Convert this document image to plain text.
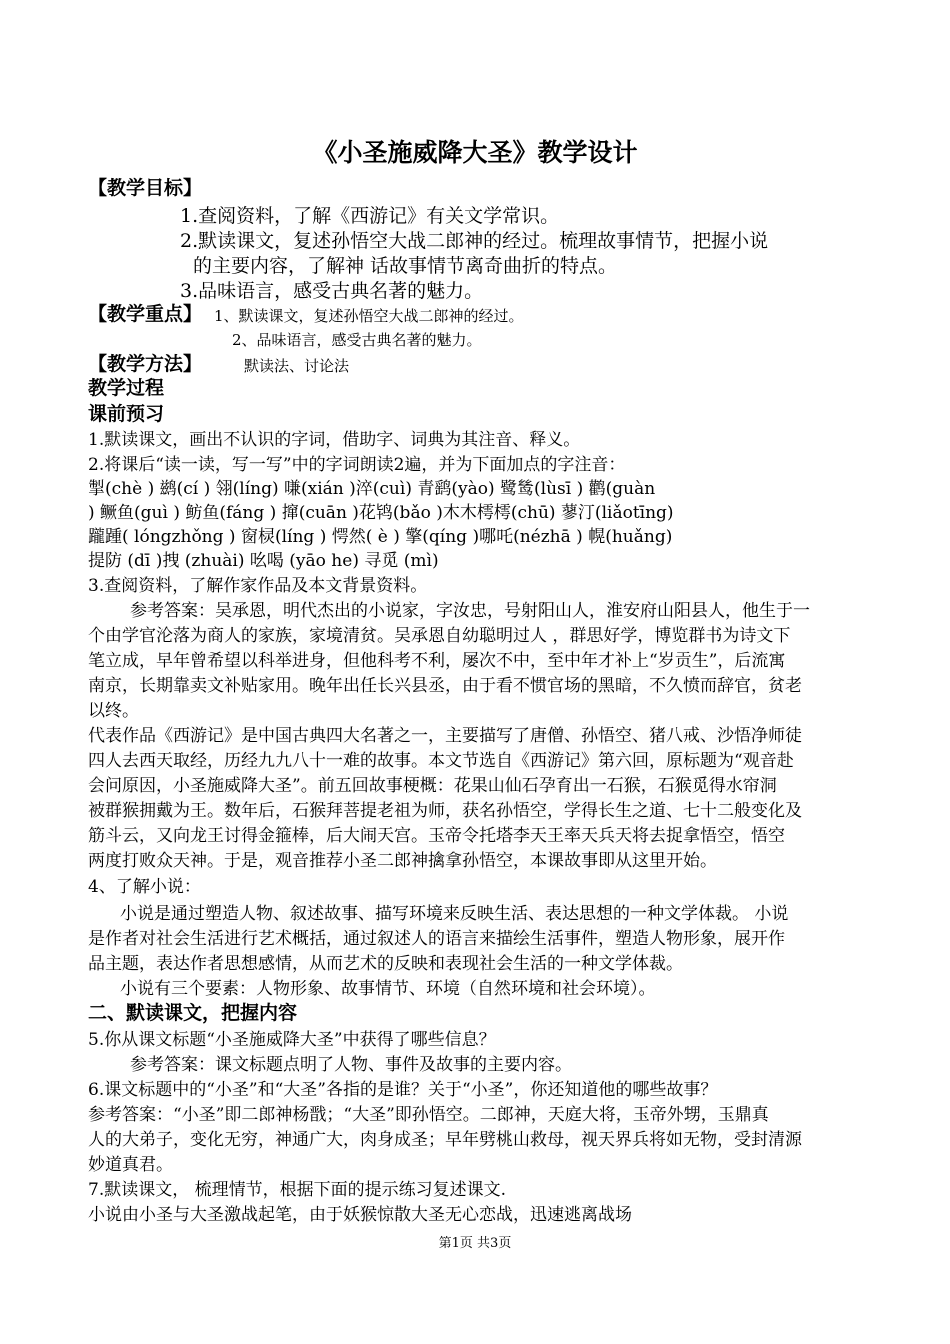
《小圣施威降大圣》教学设计
【教学目标】
1.查阅资料，了解《西游记》有关文学常识。
2.默读课文，复述孙悟空大战二郎神的经过。梳理故事情节，把握小说
的主要内容，了解神 话故事情节离奇曲折的特点。
3.品味语言，感受古典名著的魅力。
【教学重点】 1、默读课文，复述孙悟空大战二郎神的经过。
2、品味语言，感受古典名著的魅力。
【教学方法】	默读法、讨论法
教学过程
课前预习
1.默读课文，画出不认识的字词，借助字、词典为其注音、释义。
2.将课后“读一读，写一写”中的字词朗读2遍，并为下面加点的字注音：
掣(chè ) 鹚(cí ) 翎(líng) 嗛(xián )淬(cuì) 青鹞(yào) 鹭鸶(lùsī ) 鹳(guàn
) 鳜鱼(guì ) 鲂鱼(fáng ) 撺(cuān )花鸨(bǎo )木木樗樗(chū) 蓼汀(liǎotīng)
躘踵( lóngzhǒng ) 窗棂(líng ) 愕然( è ) 擎(qíng )哪吒(nézhā ) 幌(huǎng)
提防 (dī )拽 (zhuài) 吆喝 (yāo he) 寻觅 (mì)
3.查阅资料，了解作家作品及本文背景资料。
参考答案：吴承恩，明代杰出的小说家，字汝忠，号射阳山人，淮安府山阳县人，他生于一
个由学官沦落为商人的家族，家境清贫。吴承恩自幼聪明过人 ，群思好学，博览群书为诗文下
笔立成，早年曾希望以科举进身，但他科考不利，屡次不中，至中年才补上“岁贡生”，后流寓
南京，长期靠卖文补贴家用。晚年出任长兴县丞，由于看不惯官场的黑暗，不久愤而辞官，贫老
以终。
代表作品《西游记》是中国古典四大名著之一，主要描写了唐僧、孙悟空、猪八戒、沙悟净师徒
四人去西天取经，历经九九八十一难的故事。本文节选自《西游记》第六回，原标题为“观音赴
会问原因，小圣施威降大圣”。前五回故事梗概：花果山仙石孕育出一石猴，石猴觅得水帘洞
被群猴拥戴为王。数年后，石猴拜菩提老祖为师，获名孙悟空，学得长生之道、七十二般变化及
筋斗云，又向龙王讨得金箍棒，后大闹天宫。玉帝令托塔李天王率天兵天将去捉拿悟空，悟空
两度打败众天神。于是，观音推荐小圣二郎神擒拿孙悟空，本课故事即从这里开始。
4、了解小说：
小说是通过塑造人物、叙述故事、描写环境来反映生活、表达思想的一种文学体裁。 小说
是作者对社会生活进行艺术概括，通过叙述人的语言来描绘生活事件，塑造人物形象，展开作
品主题，表达作者思想感情，从而艺术的反映和表现社会生活的一种文学体裁。
小说有三个要素：人物形象、故事情节、环境（自然环境和社会环境）。
二、默读课文，把握内容
5.你从课文标题“小圣施威降大圣”中获得了哪些信息？
参考答案：课文标题点明了人物、事件及故事的主要内容。
6.课文标题中的“小圣”和“大圣”各指的是谁？关于“小圣”，你还知道他的哪些故事？
参考答案：“小圣”即二郎神杨戬；“大圣”即孙悟空。二郎神，天庭大将，玉帝外甥，玉鼎真
人的大弟子，变化无穷，神通广大，肉身成圣；早年劈桃山救母，视天界兵将如无物，受封清源
妙道真君。
7.默读课文， 梳理情节，根据下面的提示练习复述课文.
小说由小圣与大圣激战起笔，由于妖猴惊散大圣无心恋战，迅速逃离战场
第1页 共3页
